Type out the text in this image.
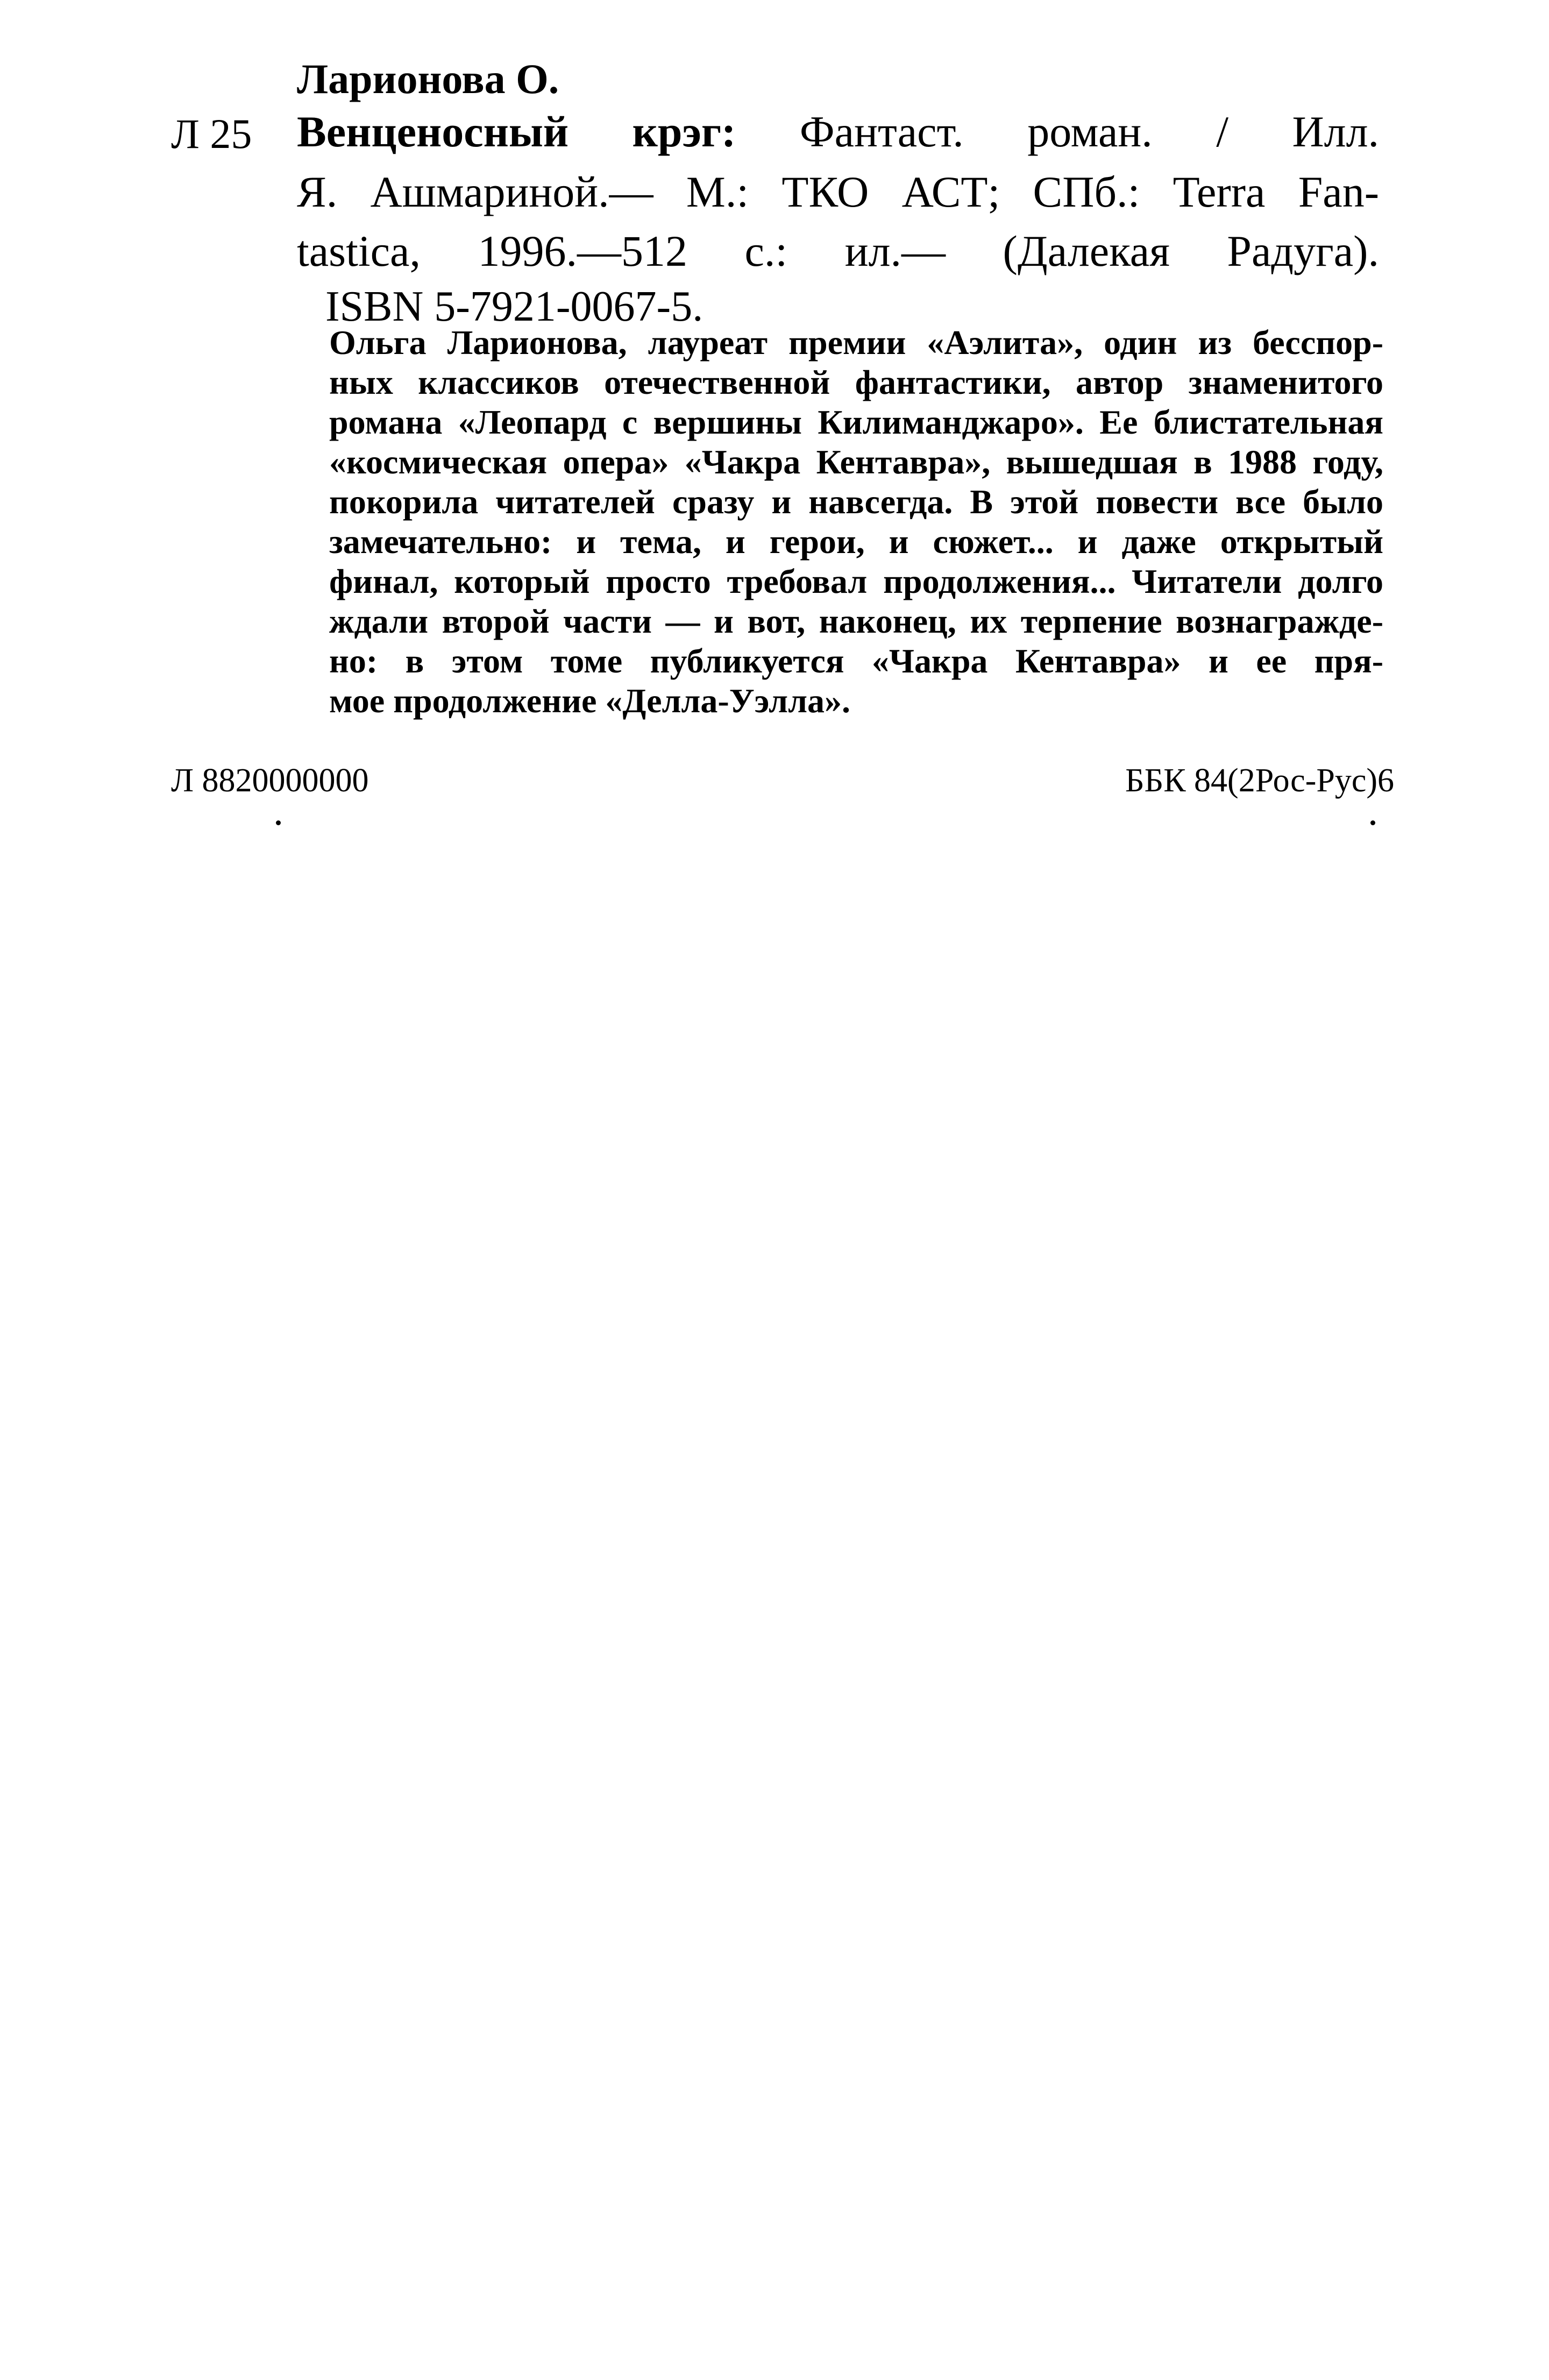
Ларионова О.
Л 25 Венценосный крэг: Фантаст. роман. / Илл.
Я. Ашмариной.— М.: ТКО АСТ; СПб.: Terra Fan-
tastica, 1996.—512 с.: ил.— (Далекая Радуга).
ISBN 5-7921-0067-5.
Ольга Ларионова, лауреат премии «Аэлита», один из бесспор-
ных классиков отечественной фантастики, автор знаменитого
романа «Леопард с вершины Килиманджаро». Ее блистательная
«космическая опера» «Чакра Кентавра», вышедшая в 1988 году,
покорила читателей сразу и навсегда. В этой повести все было
замечательно: и тема, и герои, и сюжет... и даже открытый
финал, который просто требовал продолжения... Читатели долго
ждали второй части — и вот, наконец, их терпение вознагражде-
но: в этом томе публикуется «Чакра Кентавра» и ее пря-
мое продолжение «Делла-Уэлла».
Л 8820000000	ББК 84(2Рос-Рус)6
